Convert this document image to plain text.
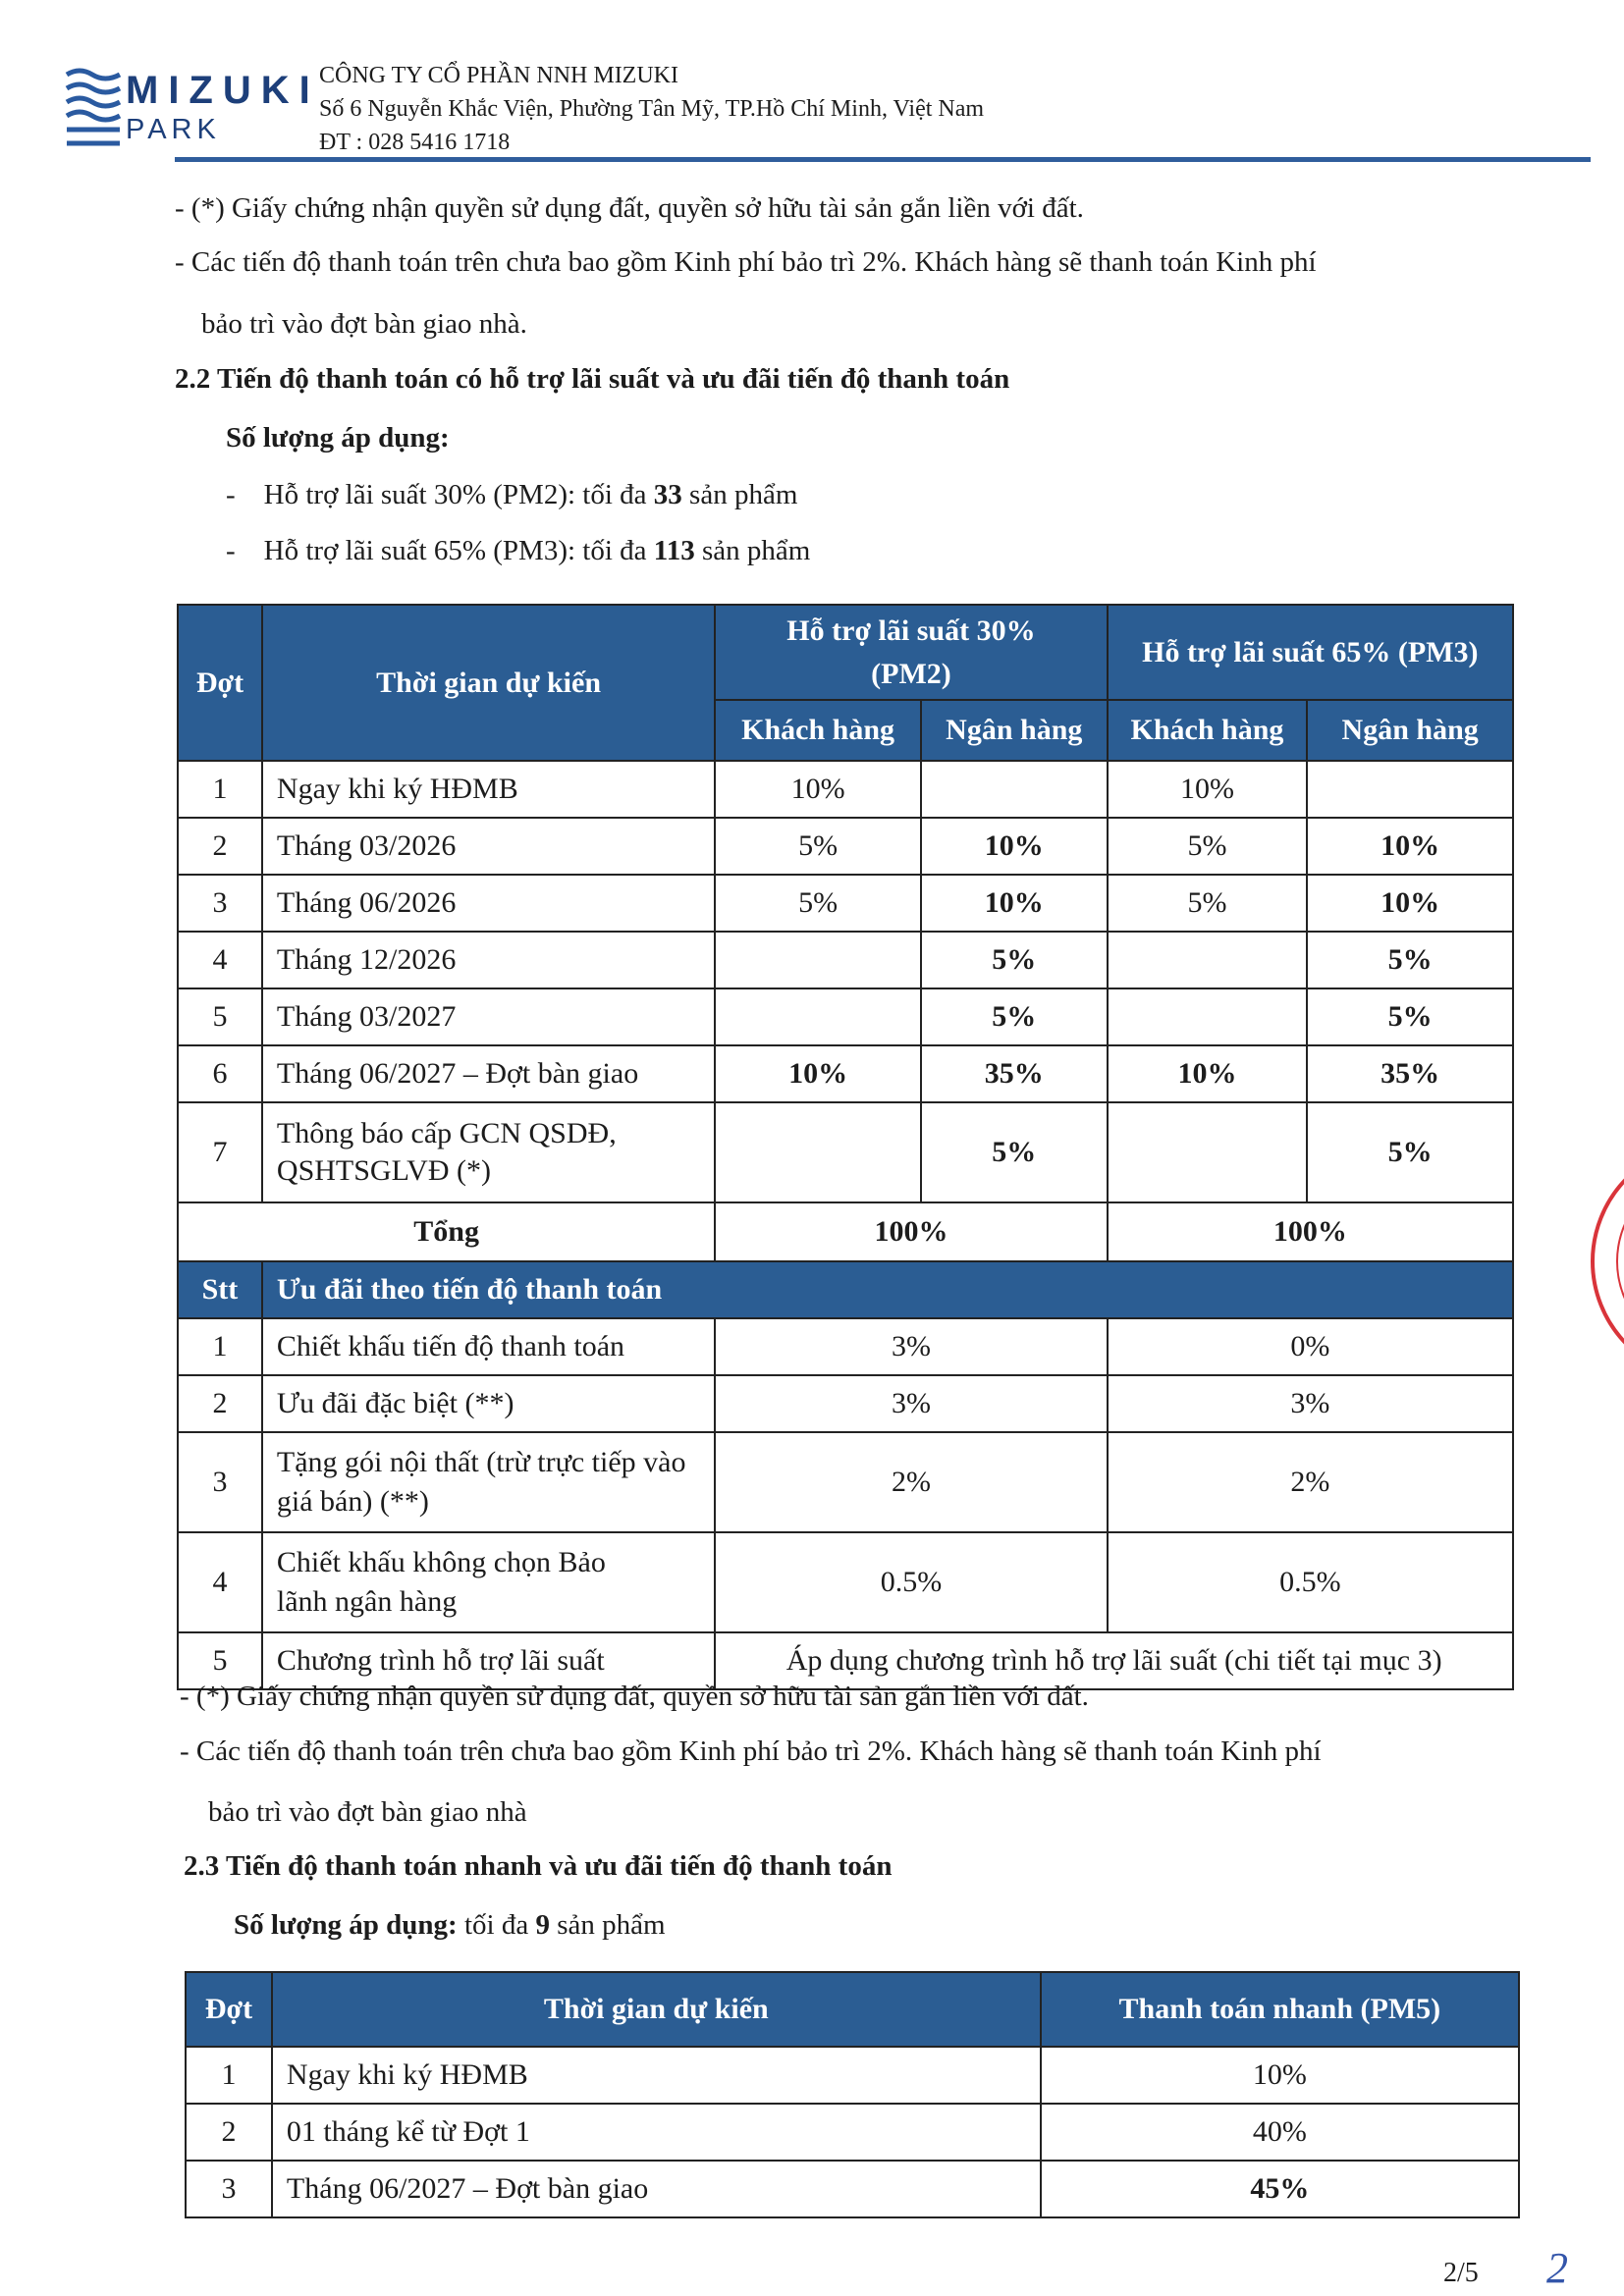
MIZUKI
PARK
CÔNG TY CỔ PHẦN NNH MIZUKI
Số 6 Nguyễn Khắc Viện, Phường Tân Mỹ, TP.Hồ Chí Minh, Việt Nam
ĐT : 028 5416 1718
- (*) Giấy chứng nhận quyền sử dụng đất, quyền sở hữu tài sản gắn liền với đất.
- Các tiến độ thanh toán trên chưa bao gồm Kinh phí bảo trì 2%. Khách hàng sẽ thanh toán Kinh phí
bảo trì vào đợt bàn giao nhà.
2.2 Tiến độ thanh toán có hỗ trợ lãi suất và ưu đãi tiến độ thanh toán
Số lượng áp dụng:
- Hỗ trợ lãi suất 30% (PM2): tối đa 33 sản phẩm
- Hỗ trợ lãi suất 65% (PM3): tối đa 113 sản phẩm
Đợt	Thời gian dự kiến	Hỗ trợ lãi suất 30% (PM2)		Hỗ trợ lãi suất 65% (PM3)	
		Khách hàng	Ngân hàng	Khách hàng	Ngân hàng
1	Ngay khi ký HĐMB	10%		10%	
2	Tháng 03/2026	5%	10%	5%	10%
3	Tháng 06/2026	5%	10%	5%	10%
4	Tháng 12/2026		5%		5%
5	Tháng 03/2027		5%		5%
6	Tháng 06/2027 – Đợt bàn giao	10%	35%	10%	35%
7	Thông báo cấp GCN QSDĐ, QSHTSGLVĐ (*)		5%		5%
Tổng		100%		100%	
Stt	Ưu đãi theo tiến độ thanh toán				
1	Chiết khấu tiến độ thanh toán	3%		0%	
2	Ưu đãi đặc biệt (**)	3%		3%	
3	Tặng gói nội thất (trừ trực tiếp vào giá bán) (**)	2%		2%	
4	Chiết khấu không chọn Bảo lãnh ngân hàng	0.5%		0.5%	
5	Chương trình hỗ trợ lãi suất	Áp dụng chương trình hỗ trợ lãi suất (chi tiết tại mục 3)			
- (*) Giấy chứng nhận quyền sử dụng đất, quyền sở hữu tài sản gắn liền với đất.
- Các tiến độ thanh toán trên chưa bao gồm Kinh phí bảo trì 2%. Khách hàng sẽ thanh toán Kinh phí
bảo trì vào đợt bàn giao nhà
2.3 Tiến độ thanh toán nhanh và ưu đãi tiến độ thanh toán
Số lượng áp dụng: tối đa 9 sản phẩm
Đợt	Thời gian dự kiến	Thanh toán nhanh (PM5)
1	Ngay khi ký HĐMB	10%
2	01 tháng kể từ Đợt 1	40%
3	Tháng 06/2027 – Đợt bàn giao	45%
2/5 2
